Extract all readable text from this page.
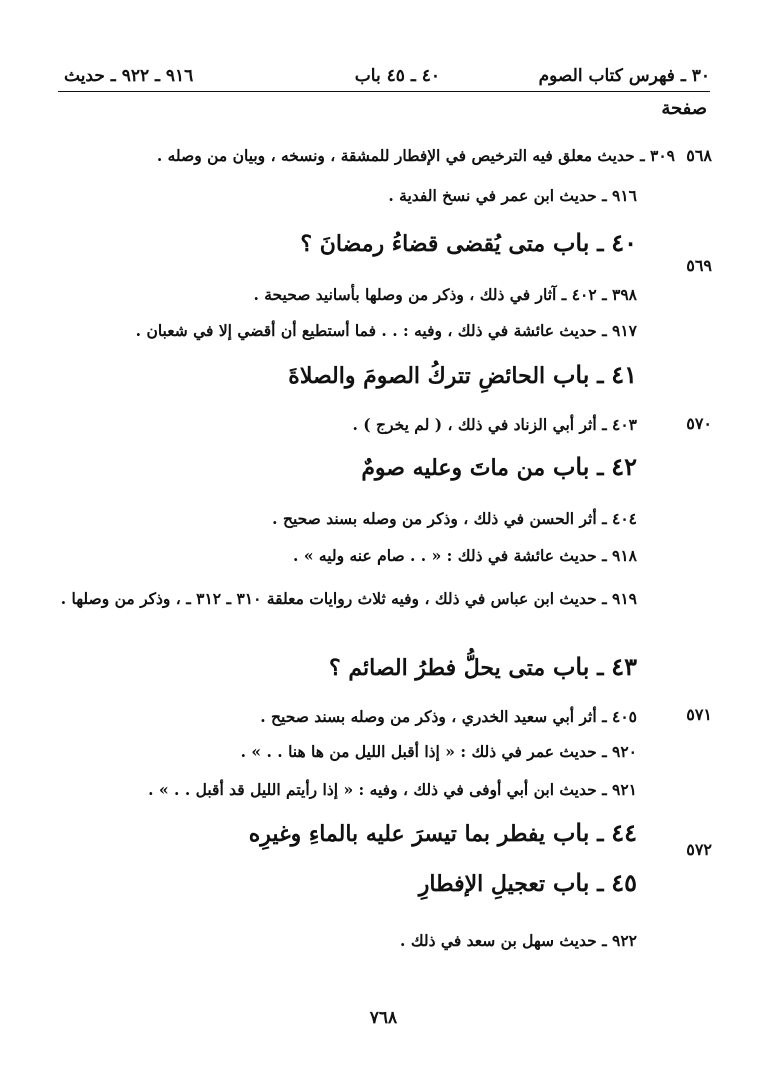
٣٠ ـ فهرس كتاب الصوم
٤٠ ـ ٤٥ باب
٩١٦ ـ ٩٢٢ ـ حديث
صفحة
٥٦٨
٥٦٩
٥٧٠
٥٧١
٥٧٢
٣٠٩ ـ حديث معلق فيه الترخيص في الإفطار للمشقة ، ونسخه ، وبيان من وصله .
٩١٦ ـ حديث ابن عمر في نسخ الفدية .
٤٠ ـ باب متى يُقضى قضاءُ رمضانَ ؟
٣٩٨ ـ ٤٠٢ ـ آثار في ذلك ، وذكر من وصلها بأسانيد صحيحة .
٩١٧ ـ حديث عائشة في ذلك ، وفيه : . . فما أستطيع أن أقضي إلا في شعبان .
٤١ ـ باب الحائضِ تتركُ الصومَ والصلاةَ
٤٠٣ ـ أثر أبي الزناد في ذلك ، ( لم يخرج ) .
٤٢ ـ باب من ماتَ وعليه صومٌ
٤٠٤ ـ أثر الحسن في ذلك ، وذكر من وصله بسند صحيح .
٩١٨ ـ حديث عائشة في ذلك : « . . صام عنه وليه » .
٩١٩ ـ حديث ابن عباس في ذلك ، وفيه ثلاث روايات معلقة ٣١٠ ـ ٣١٢ ـ ، وذكر من وصلها .
٤٣ ـ باب متى يحلُّ فطرُ الصائم ؟
٤٠٥ ـ أثر أبي سعيد الخدري ، وذكر من وصله بسند صحيح .
٩٢٠ ـ حديث عمر في ذلك : « إذا أقبل الليل من ها هنا . . » .
٩٢١ ـ حديث ابن أبي أوفى في ذلك ، وفيه : « إذا رأيتم الليل قد أقبل . . » .
٤٤ ـ باب يفطر بما تيسرَ عليه بالماءِ وغيرِه
٤٥ ـ باب تعجيلِ الإفطارِ
٩٢٢ ـ حديث سهل بن سعد في ذلك .
٧٦٨
